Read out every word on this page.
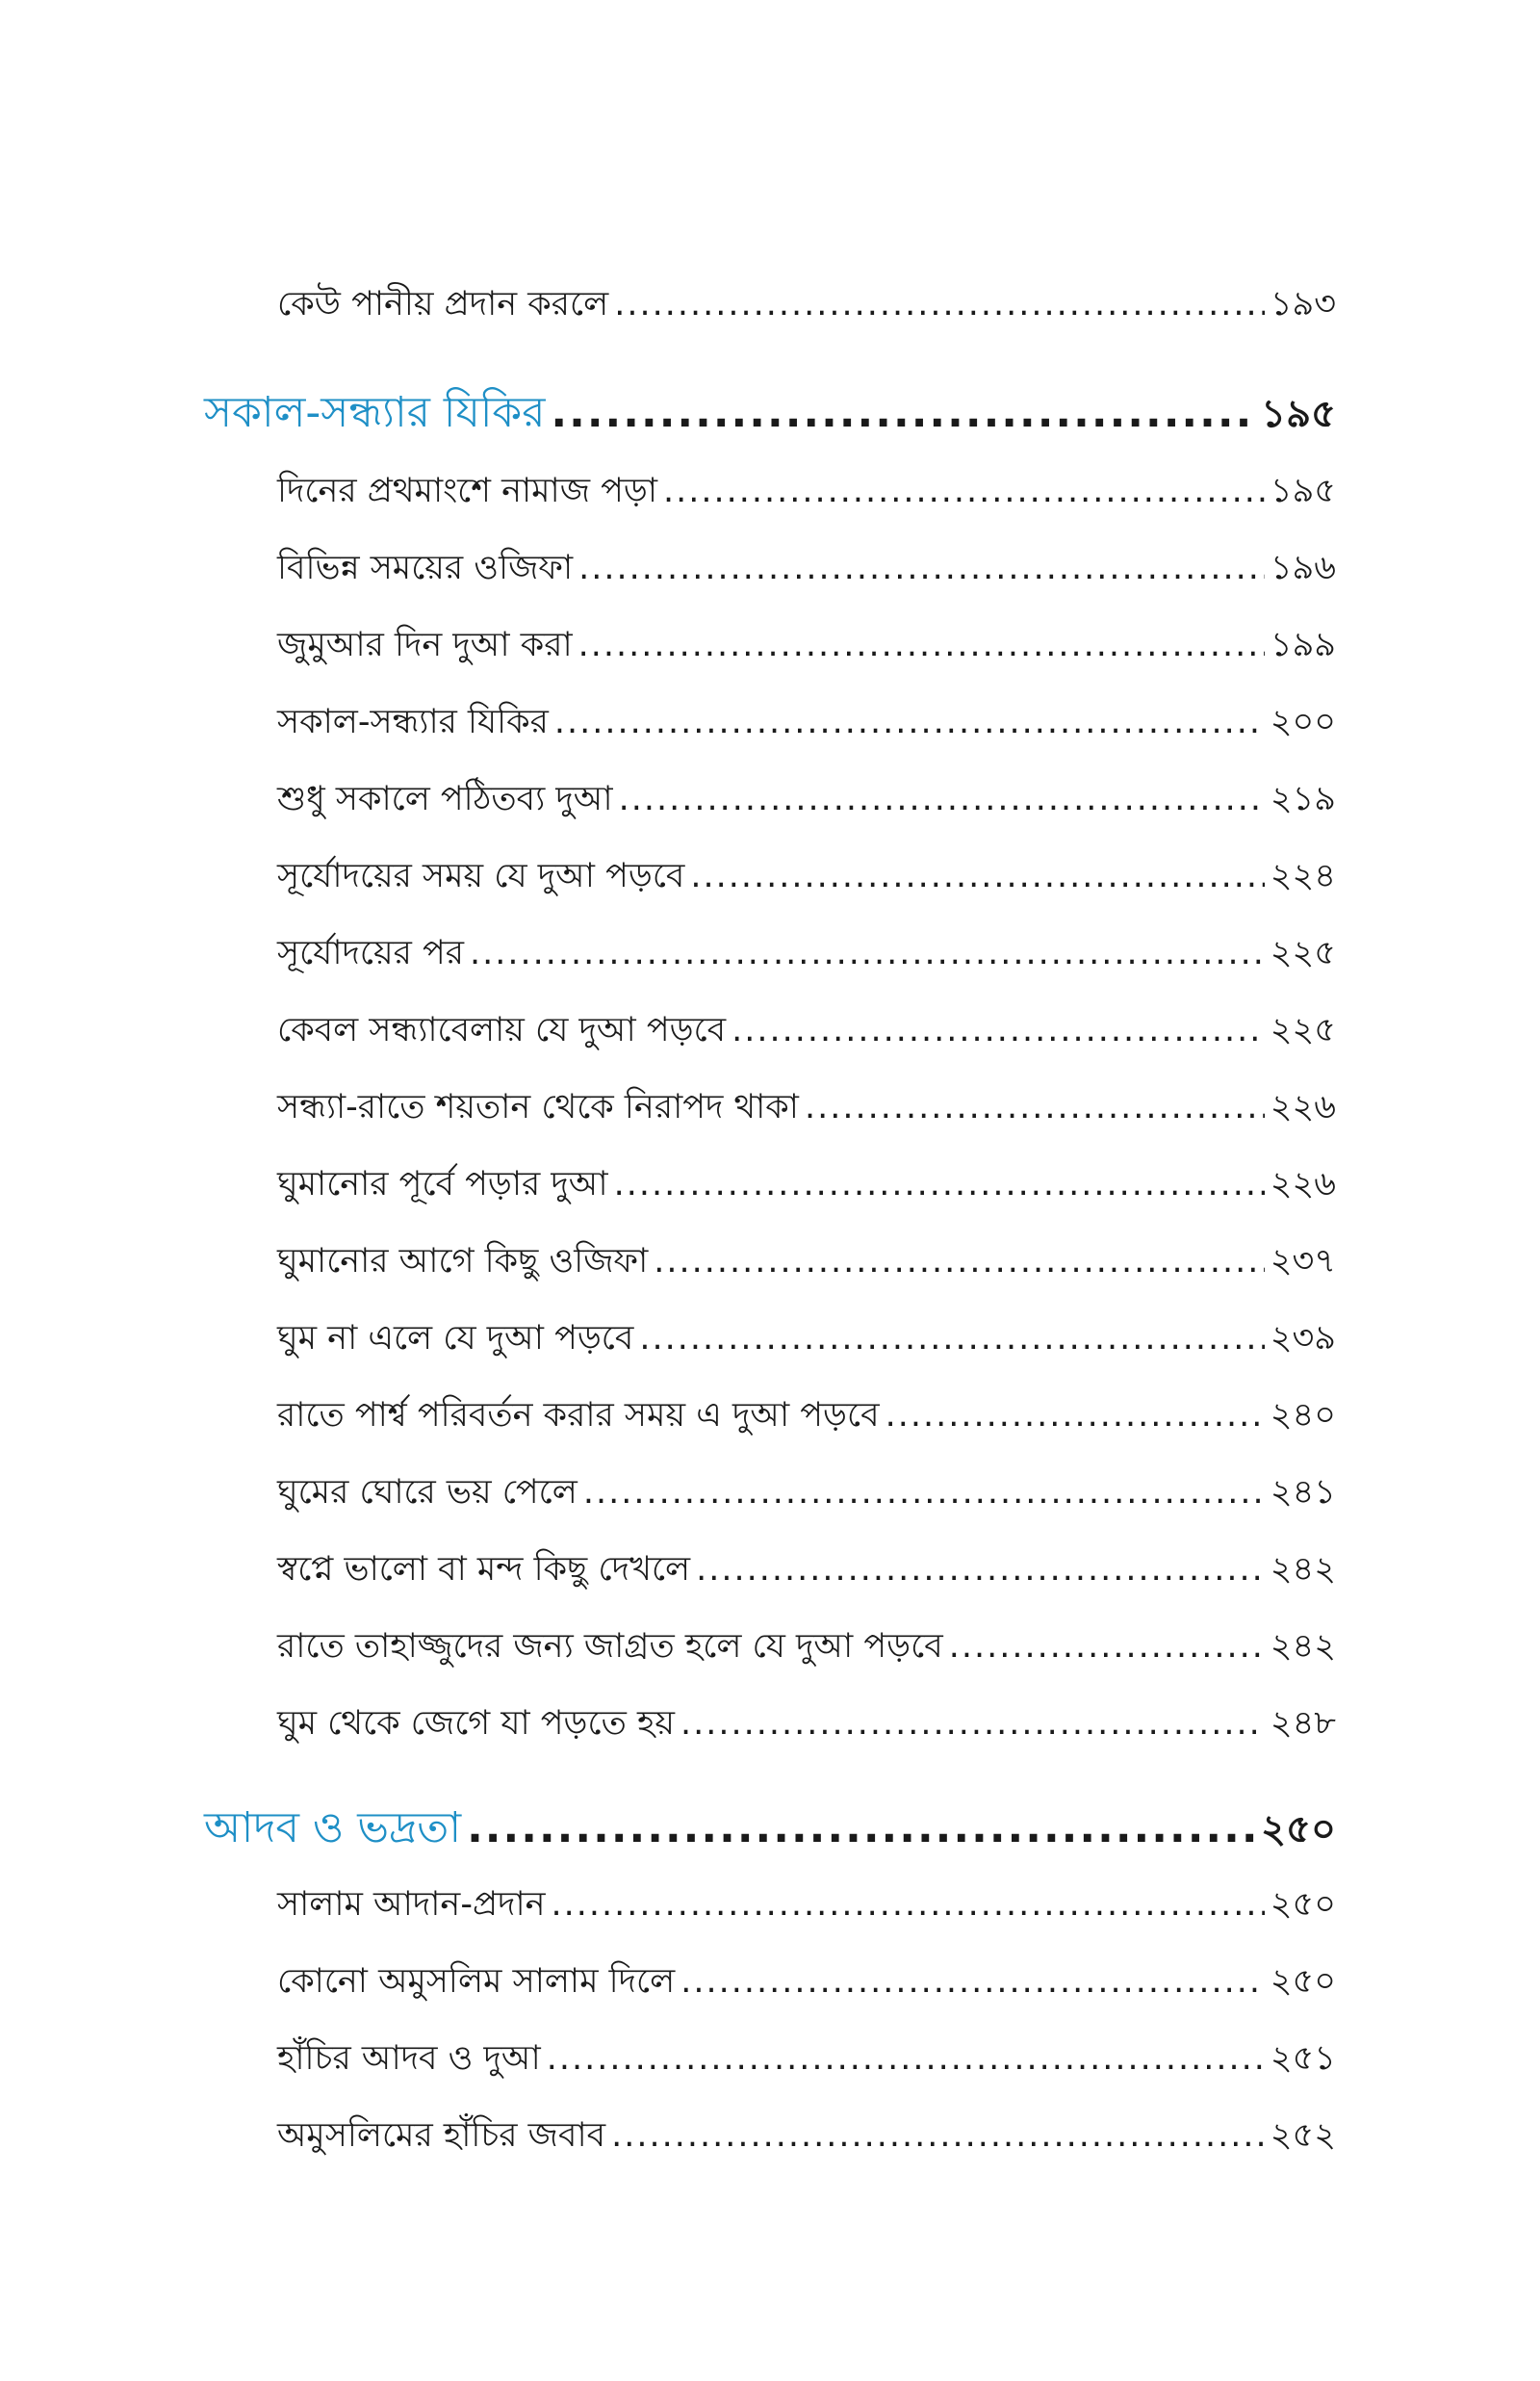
কেউ পানীয় প্রদান করলে .....	১৯৩
সকাল-সন্ধ্যার যিকির .....	১৯৫
দিনের প্রথমাংশে নামাজ পড়া .....	১৯৫
বিভিন্ন সময়ের ওজিফা .....	১৯৬
জুমুআর দিন দুআ করা .....	১৯৯
সকাল-সন্ধ্যার যিকির .....	২০০
শুধু সকালে পঠিতব্য দুআ .....	২১৯
সূর্যোদয়ের সময় যে দুআ পড়বে .....	২২৪
সূর্যোদয়ের পর .....	২২৫
কেবল সন্ধ্যাবেলায় যে দুআ পড়বে .....	২২৫
সন্ধ্যা-রাতে শয়তান থেকে নিরাপদ থাকা .....	২২৬
ঘুমানোর পূর্বে পড়ার দুআ .....	২২৬
ঘুমানোর আগে কিছু ওজিফা .....	২৩৭
ঘুম না এলে যে দুআ পড়বে .....	২৩৯
রাতে পার্শ্ব পরিবর্তন করার সময় এ দুআ পড়বে .....	২৪০
ঘুমের ঘোরে ভয় পেলে .....	২৪১
স্বপ্নে ভালো বা মন্দ কিছু দেখলে .....	২৪২
রাতে তাহাজ্জুদের জন্য জাগ্রত হলে যে দুআ পড়বে .....	২৪২
ঘুম থেকে জেগে যা পড়তে হয় .....	২৪৮
আদব ও ভদ্রতা .....	২৫০
সালাম আদান-প্রদান .....	২৫০
কোনো অমুসলিম সালাম দিলে .....	২৫০
হাঁচির আদব ও দুআ .....	২৫১
অমুসলিমের হাঁচির জবাব .....	২৫২
